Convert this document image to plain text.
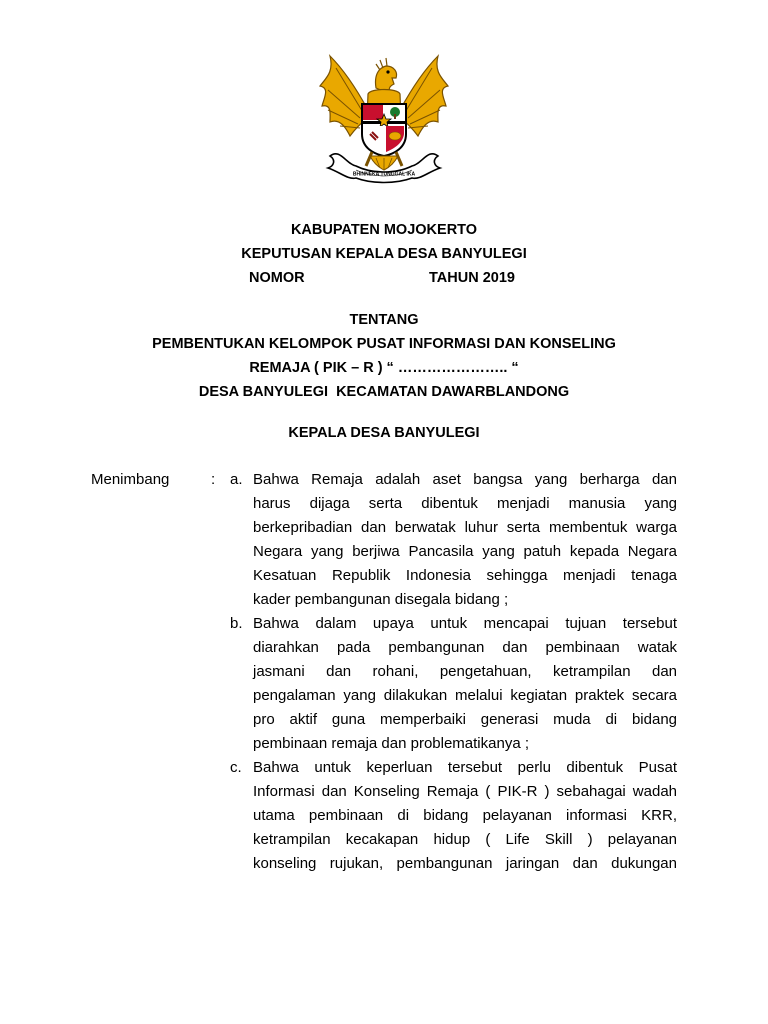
BHINNEKA TUNGGAL IKA
KABUPATEN MOJOKERTO
KEPUTUSAN KEPALA DESA BANYULEGI
NOMOR	TAHUN 2019
TENTANG
PEMBENTUKAN KELOMPOK PUSAT INFORMASI DAN KONSELING
REMAJA ( PIK – R ) “ ………………….. “
DESA BANYULEGI  KECAMATAN DAWARBLANDONG
KEPALA DESA BANYULEGI
Menimbang	: a. Bahwa Remaja adalah aset bangsa yang berharga dan
harus dijaga serta dibentuk menjadi manusia yang
berkepribadian dan berwatak luhur serta membentuk warga
Negara yang berjiwa Pancasila yang patuh kepada Negara
Kesatuan Republik Indonesia sehingga menjadi tenaga
kader pembangunan disegala bidang ;
b. Bahwa dalam upaya untuk mencapai tujuan tersebut
diarahkan pada pembangunan dan pembinaan watak
jasmani dan rohani, pengetahuan, ketrampilan dan
pengalaman yang dilakukan melalui kegiatan praktek secara
pro aktif guna memperbaiki generasi muda di bidang
pembinaan remaja dan problematikanya ;
c. Bahwa untuk keperluan tersebut perlu dibentuk Pusat
Informasi dan Konseling Remaja ( PIK-R ) sebahagai wadah
utama pembinaan di bidang pelayanan informasi KRR,
ketrampilan kecakapan hidup ( Life Skill ) pelayanan
konseling rujukan, pembangunan jaringan dan dukungan
